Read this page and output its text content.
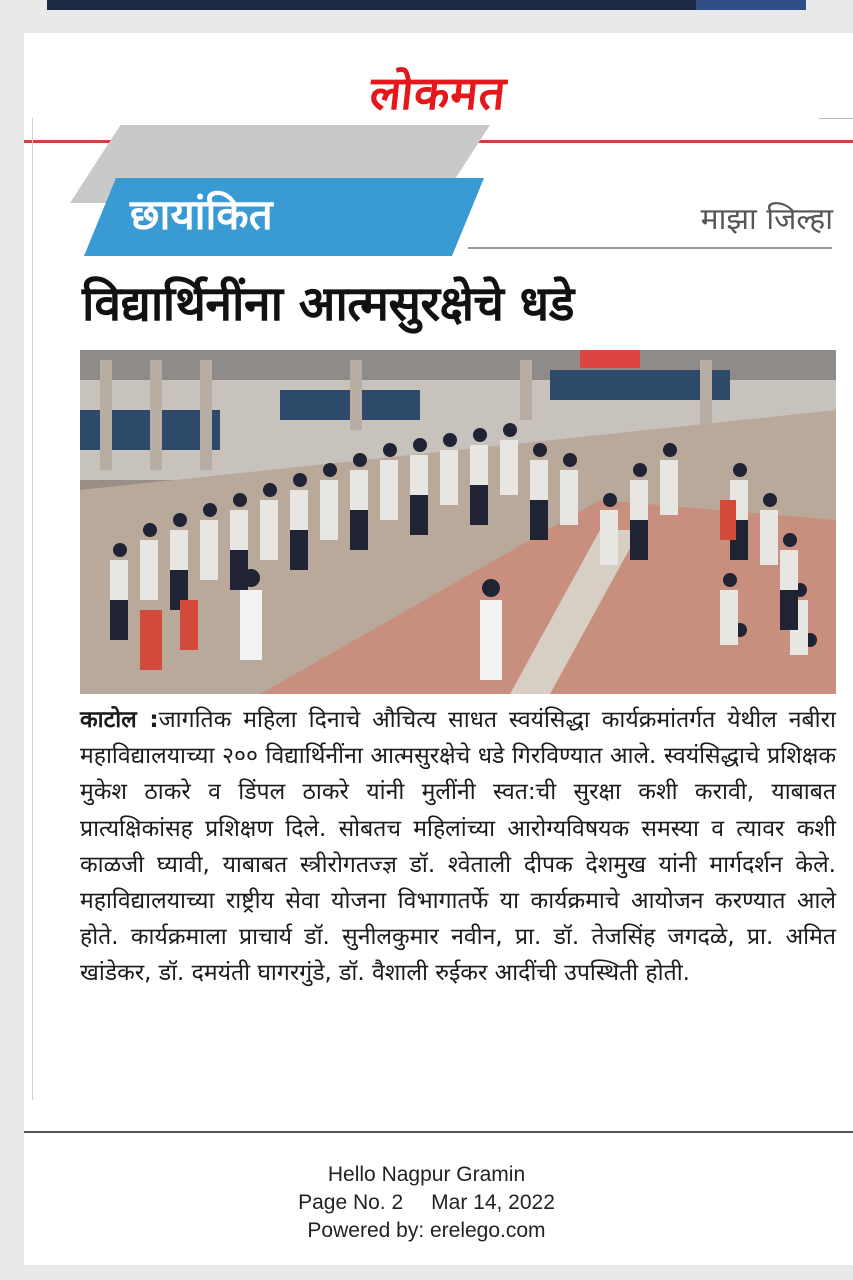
लोकमत
छायांकित	माझा जिल्हा
विद्यार्थिनींना आत्मसुरक्षेचे धडे
काटोल :जागतिक महिला दिनाचे औचित्य साधत स्वयंसिद्धा कार्यक्रमांतर्गत येथील नबीरा महाविद्यालयाच्या २०० विद्यार्थिनींना आत्मसुरक्षेचे धडे गिरविण्यात आले. स्वयंसिद्धाचे प्रशिक्षक मुकेश ठाकरे व डिंपल ठाकरे यांनी मुलींनी स्वत:ची सुरक्षा कशी करावी, याबाबत प्रात्यक्षिकांसह प्रशिक्षण दिले. सोबतच महिलांच्या आरोग्यविषयक समस्या व त्यावर कशी काळजी घ्यावी, याबाबत स्त्रीरोगतज्ज्ञ डॉ. श्वेताली दीपक देशमुख यांनी मार्गदर्शन केले. महाविद्यालयाच्या राष्ट्रीय सेवा योजना विभागातर्फे या कार्यक्रमाचे आयोजन करण्यात आले होते. कार्यक्रमाला प्राचार्य डॉ. सुनीलकुमार नवीन, प्रा. डॉ. तेजसिंह जगदळे, प्रा. अमित खांडेकर, डॉ. दमयंती घागरगुंडे, डॉ. वैशाली रुईकर आदींची उपस्थिती होती.
Hello Nagpur Gramin
Page No. 2 Mar 14, 2022
Powered by: erelego.com
